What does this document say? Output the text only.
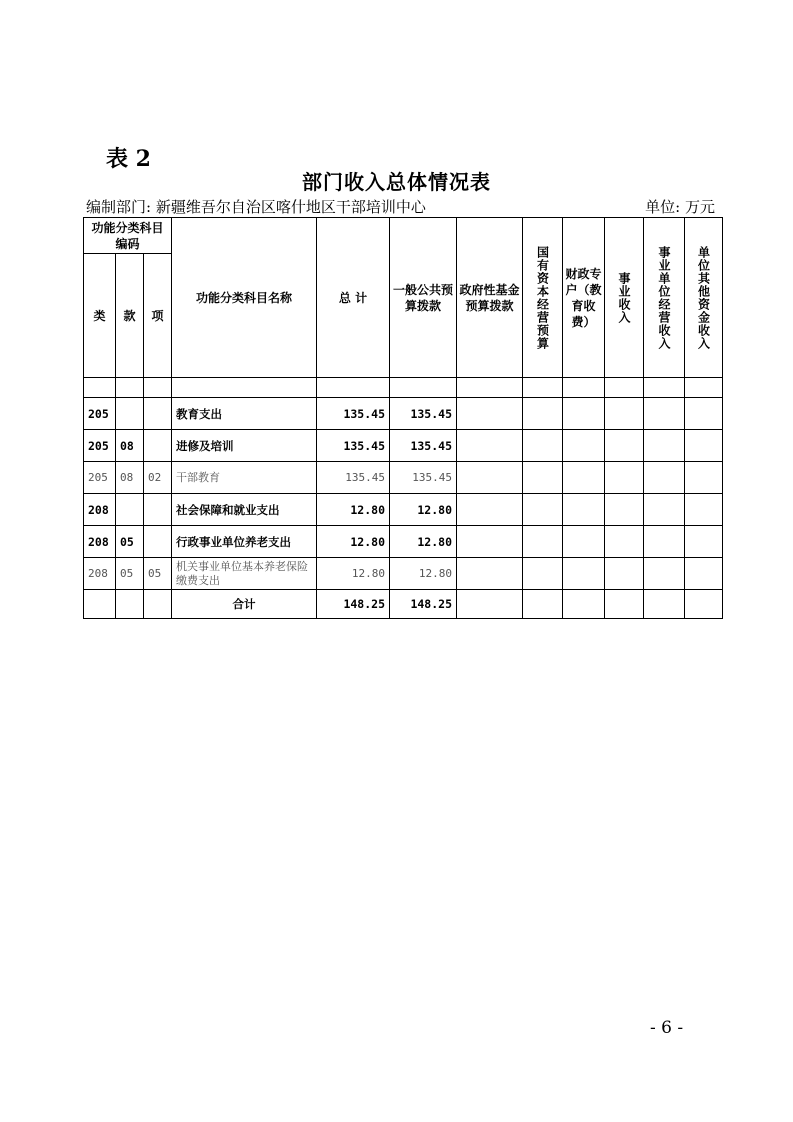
表 2
部门收入总体情况表
编制部门: 新疆维吾尔自治区喀什地区干部培训中心	单位: 万元
功能分类科目编码			功能分类科目名称	总 计	一般公共预算拨款	政府性基金预算拨款	国有资本经营预算	财政专户（教育收费）	事业收入	事业单位经营收入	单位其他资金收入

类	款	项									

205			教育支出	135.45	135.45						
205	08		进修及培训	135.45	135.45						
205	08	02	干部教育	135.45	135.45						
208			社会保障和就业支出	12.80	12.80						
208	05		行政事业单位养老支出	12.80	12.80						
208	05	05	机关事业单位基本养老保险缴费支出	12.80	12.80						
			合计	148.25	148.25						
- 6 -
